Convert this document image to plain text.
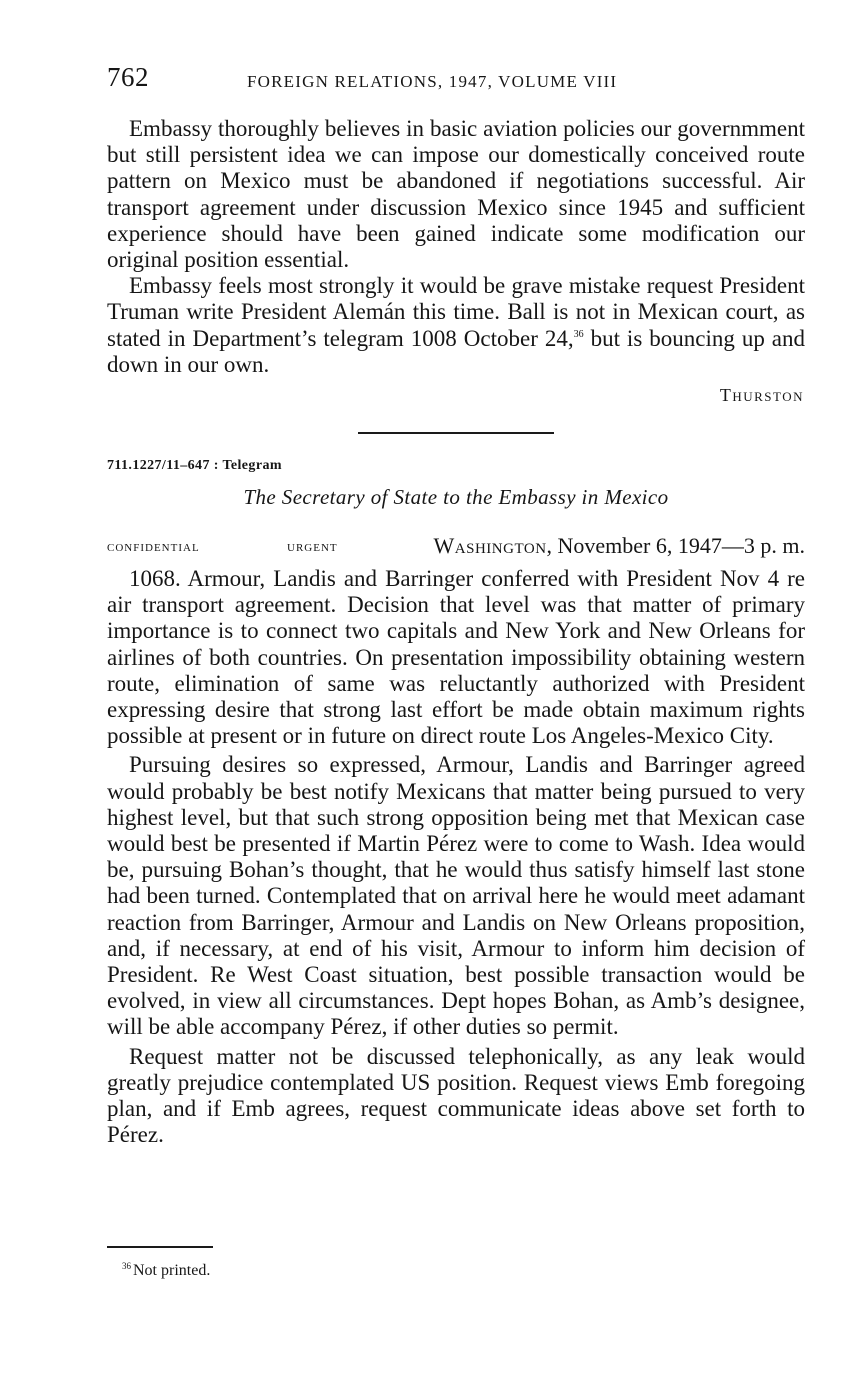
762	FOREIGN RELATIONS, 1947, VOLUME VIII

Embassy thoroughly believes in basic aviation policies our governmment but still persistent idea we can impose our domestically conceived route pattern on Mexico must be abandoned if negotiations successful. Air transport agreement under discussion Mexico since 1945 and sufficient experience should have been gained indicate some modification our original position essential.

Embassy feels most strongly it would be grave mistake request President Truman write President Alemán this time. Ball is not in Mexican court, as stated in Department’s telegram 1008 October 24,36 but is bouncing up and down in our own.

Thurston
711.1227/11–647 : Telegram
The Secretary of State to the Embassy in Mexico
confidential	urgent	Washington, November 6, 1947—3 p. m.

1068. Armour, Landis and Barringer conferred with President Nov 4 re air transport agreement. Decision that level was that matter of primary importance is to connect two capitals and New York and New Orleans for airlines of both countries. On presentation impossibility obtaining western route, elimination of same was reluctantly authorized with President expressing desire that strong last effort be made obtain maximum rights possible at present or in future on direct route Los Angeles-Mexico City.

Pursuing desires so expressed, Armour, Landis and Barringer agreed would probably be best notify Mexicans that matter being pursued to very highest level, but that such strong opposition being met that Mexican case would best be presented if Martin Pérez were to come to Wash. Idea would be, pursuing Bohan’s thought, that he would thus satisfy himself last stone had been turned. Contemplated that on arrival here he would meet adamant reaction from Barringer, Armour and Landis on New Orleans proposition, and, if necessary, at end of his visit, Armour to inform him decision of President. Re West Coast situation, best possible transaction would be evolved, in view all circumstances. Dept hopes Bohan, as Amb’s designee, will be able accompany Pérez, if other duties so permit.

Request matter not be discussed telephonically, as any leak would greatly prejudice contemplated US position. Request views Emb foregoing plan, and if Emb agrees, request communicate ideas above set forth to Pérez.

$^{36}$ Not printed.
